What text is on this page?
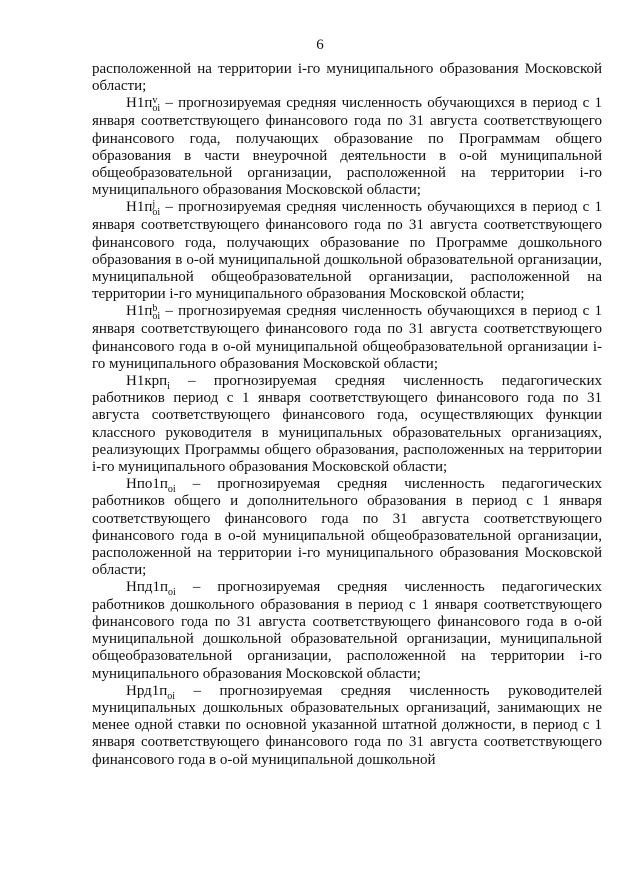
6

расположенной на территории i-го муниципального образования Московской области;

Н1п v
oi – прогнозируемая средняя численность обучающихся в период с 1 января соответствующего финансового года по 31 августа соответствующего финансового года, получающих образование по Программам общего образования в части внеурочной деятельности в o-ой муниципальной общеобразовательной организации, расположенной на территории i-го муниципального образования Московской области;

Н1п j
oi – прогнозируемая средняя численность обучающихся в период с 1 января соответствующего финансового года по 31 августа соответствующего финансового года, получающих образование по Программе дошкольного образования в o-ой муниципальной дошкольной образовательной организации, муниципальной общеобразовательной организации, расположенной на территории i-го муниципального образования Московской области;

Н1п b
oi – прогнозируемая средняя численность обучающихся в период с 1 января соответствующего финансового года по 31 августа соответствующего финансового года в o-ой муниципальной общеобразовательной организации i-го муниципального образования Московской области;

Н1крп$_i$ – прогнозируемая средняя численность педагогических работников период с 1 января соответствующего финансового года по 31 августа соответствующего финансового года, осуществляющих функции классного руководителя в муниципальных образовательных организациях, реализующих Программы общего образования, расположенных на территории i-го муниципального образования Московской области;

$Нпо1п_{oi}$ – прогнозируемая средняя численность педагогических работников общего и дополнительного образования в период с 1 января соответствующего финансового года по 31 августа соответствующего финансового года в o-ой муниципальной общеобразовательной организации, расположенной на территории i-го муниципального образования Московской области;

$Нпд1п_{oi}$ – прогнозируемая средняя численность педагогических работников дошкольного образования в период с 1 января соответствующего финансового года по 31 августа соответствующего финансового года в o-ой муниципальной дошкольной образовательной организации, муниципальной общеобразовательной организации, расположенной на территории i-го муниципального образования Московской области;

$Нрд1п_{oi}$ – прогнозируемая средняя численность руководителей муниципальных дошкольных образовательных организаций, занимающих не менее одной ставки по основной указанной штатной должности, в период с 1 января соответствующего финансового года по 31 августа соответствующего финансового года в o-ой муниципальной дошкольной
